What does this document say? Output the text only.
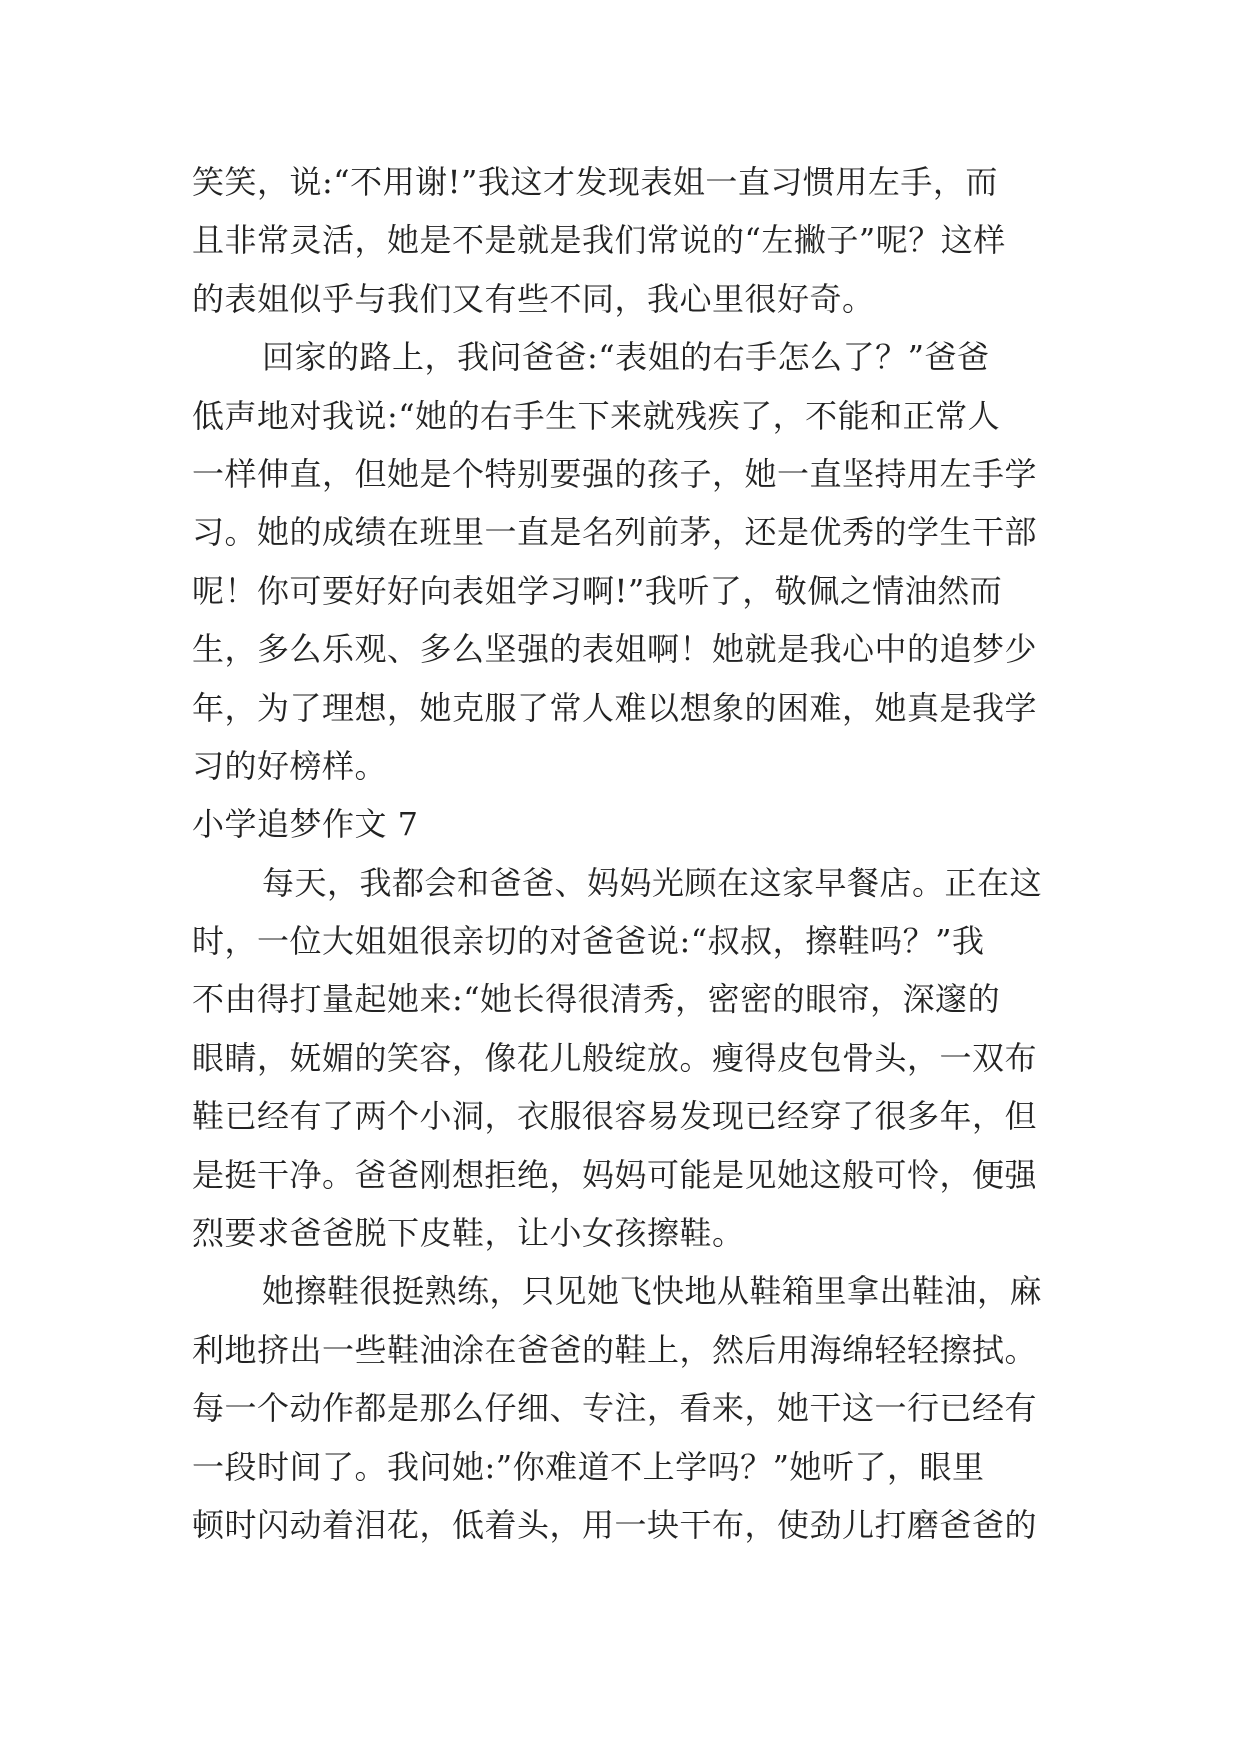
笑笑，说:“不用谢!”我这才发现表姐一直习惯用左手，而
且非常灵活，她是不是就是我们常说的“左撇子”呢？这样
的表姐似乎与我们又有些不同，我心里很好奇。
回家的路上，我问爸爸:“表姐的右手怎么了？”爸爸
低声地对我说:“她的右手生下来就残疾了，不能和正常人
一样伸直，但她是个特别要强的孩子，她一直坚持用左手学
习。她的成绩在班里一直是名列前茅，还是优秀的学生干部
呢！你可要好好向表姐学习啊!”我听了，敬佩之情油然而
生，多么乐观、多么坚强的表姐啊！她就是我心中的追梦少
年，为了理想，她克服了常人难以想象的困难，她真是我学
习的好榜样。
小学追梦作文 7
每天，我都会和爸爸、妈妈光顾在这家早餐店。正在这
时，一位大姐姐很亲切的对爸爸说:“叔叔，擦鞋吗？”我
不由得打量起她来:“她长得很清秀，密密的眼帘，深邃的
眼睛，妩媚的笑容，像花儿般绽放。瘦得皮包骨头，一双布
鞋已经有了两个小洞，衣服很容易发现已经穿了很多年，但
是挺干净。爸爸刚想拒绝，妈妈可能是见她这般可怜，便强
烈要求爸爸脱下皮鞋，让小女孩擦鞋。
她擦鞋很挺熟练，只见她飞快地从鞋箱里拿出鞋油，麻
利地挤出一些鞋油涂在爸爸的鞋上，然后用海绵轻轻擦拭。
每一个动作都是那么仔细、专注，看来，她干这一行已经有
一段时间了。我问她:”你难道不上学吗？”她听了，眼里
顿时闪动着泪花，低着头，用一块干布，使劲儿打磨爸爸的
